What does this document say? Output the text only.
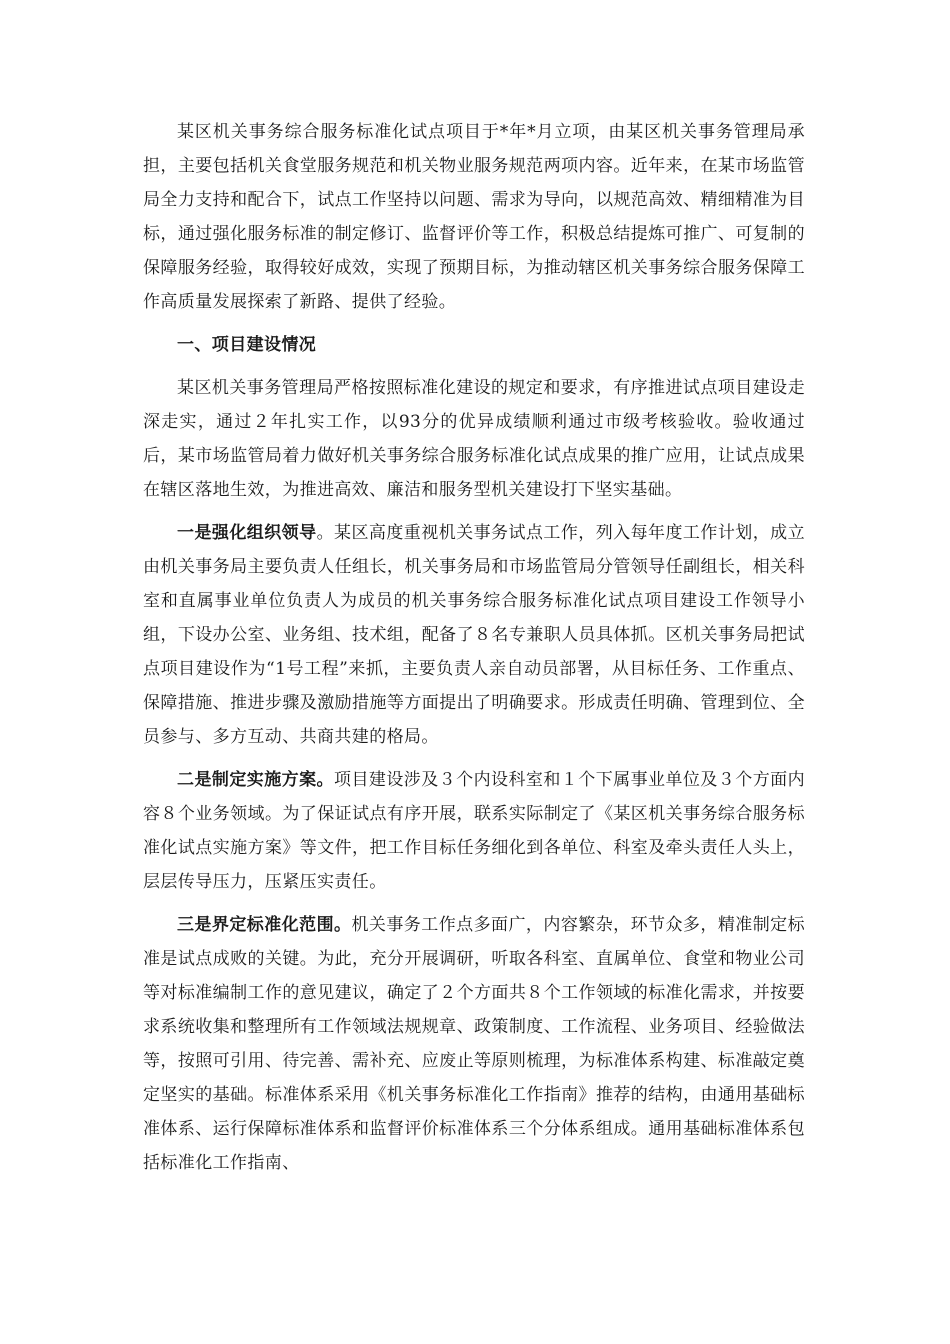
某区机关事务综合服务标准化试点项目于*年*月立项，由某区机关事务管理局承担，主要包括机关食堂服务规范和机关物业服务规范两项内容。近年来，在某市场监管局全力支持和配合下，试点工作坚持以问题、需求为导向，以规范高效、精细精准为目标，通过强化服务标准的制定修订、监督评价等工作，积极总结提炼可推广、可复制的保障服务经验，取得较好成效，实现了预期目标，为推动辖区机关事务综合服务保障工作高质量发展探索了新路、提供了经验。

一、项目建设情况

某区机关事务管理局严格按照标准化建设的规定和要求，有序推进试点项目建设走深走实，通过２年扎实工作，以93分的优异成绩顺利通过市级考核验收。验收通过后，某市场监管局着力做好机关事务综合服务标准化试点成果的推广应用，让试点成果在辖区落地生效，为推进高效、廉洁和服务型机关建设打下坚实基础。

一是强化组织领导。某区高度重视机关事务试点工作，列入每年度工作计划，成立由机关事务局主要负责人任组长，机关事务局和市场监管局分管领导任副组长，相关科室和直属事业单位负责人为成员的机关事务综合服务标准化试点项目建设工作领导小组，下设办公室、业务组、技术组，配备了８名专兼职人员具体抓。区机关事务局把试点项目建设作为“1号工程”来抓，主要负责人亲自动员部署，从目标任务、工作重点、保障措施、推进步骤及激励措施等方面提出了明确要求。形成责任明确、管理到位、全员参与、多方互动、共商共建的格局。

二是制定实施方案。项目建设涉及３个内设科室和１个下属事业单位及３个方面内容８个业务领域。为了保证试点有序开展，联系实际制定了《某区机关事务综合服务标准化试点实施方案》等文件，把工作目标任务细化到各单位、科室及牵头责任人头上，层层传导压力，压紧压实责任。

三是界定标准化范围。机关事务工作点多面广，内容繁杂，环节众多，精准制定标准是试点成败的关键。为此，充分开展调研，听取各科室、直属单位、食堂和物业公司等对标准编制工作的意见建议，确定了２个方面共８个工作领域的标准化需求，并按要求系统收集和整理所有工作领域法规规章、政策制度、工作流程、业务项目、经验做法等，按照可引用、待完善、需补充、应废止等原则梳理，为标准体系构建、标准敲定奠定坚实的基础。标准体系采用《机关事务标准化工作指南》推荐的结构，由通用基础标准体系、运行保障标准体系和监督评价标准体系三个分体系组成。通用基础标准体系包括标准化工作指南、
